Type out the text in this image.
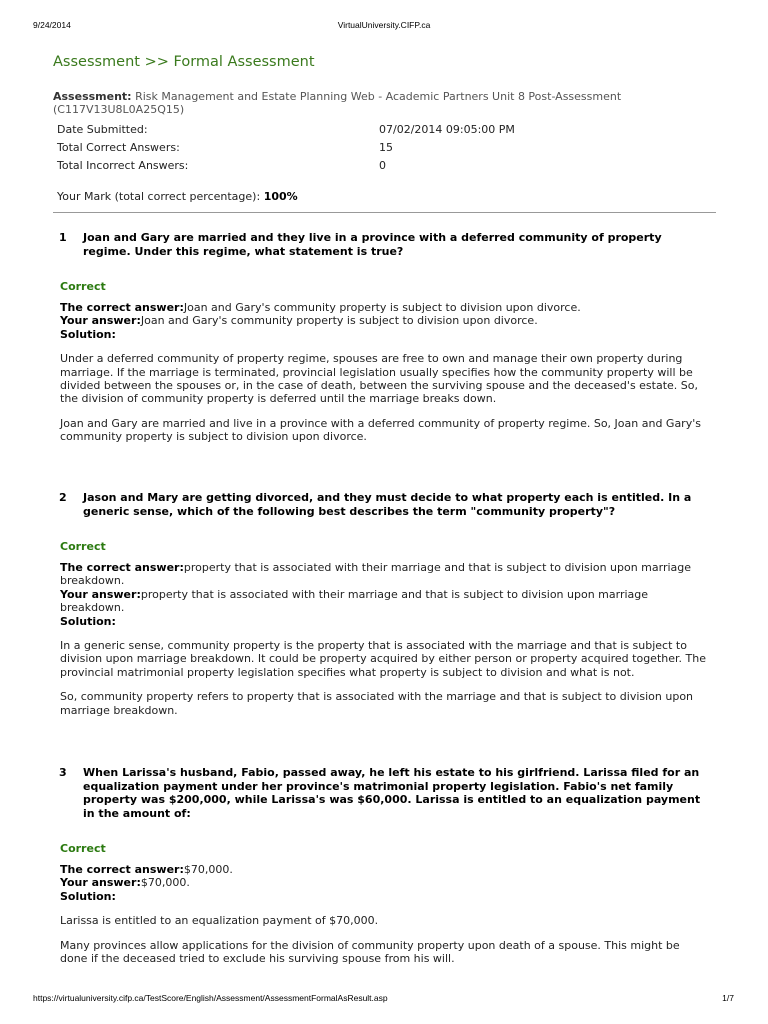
9/24/2014	VirtualUniversity.CIFP.ca
Assessment >> Formal Assessment
Assessment: Risk Management and Estate Planning Web - Academic Partners Unit 8 Post-Assessment (C117V13U8L0A25Q15)
Date Submitted:	07/02/2014 09:05:00 PM
Total Correct Answers:	15
Total Incorrect Answers:	0
Your Mark (total correct percentage): 100%
1	Joan and Gary are married and they live in a province with a deferred community of property regime. Under this regime, what statement is true?
Correct
The correct answer:Joan and Gary's community property is subject to division upon divorce.
Your answer:Joan and Gary's community property is subject to division upon divorce.
Solution:
Under a deferred community of property regime, spouses are free to own and manage their own property during marriage. If the marriage is terminated, provincial legislation usually specifies how the community property will be divided between the spouses or, in the case of death, between the surviving spouse and the deceased's estate. So, the division of community property is deferred until the marriage breaks down.
Joan and Gary are married and live in a province with a deferred community of property regime. So, Joan and Gary's community property is subject to division upon divorce.
2	Jason and Mary are getting divorced, and they must decide to what property each is entitled. In a generic sense, which of the following best describes the term "community property"?
Correct
The correct answer:property that is associated with their marriage and that is subject to division upon marriage breakdown.
Your answer:property that is associated with their marriage and that is subject to division upon marriage breakdown.
Solution:
In a generic sense, community property is the property that is associated with the marriage and that is subject to division upon marriage breakdown. It could be property acquired by either person or property acquired together. The provincial matrimonial property legislation specifies what property is subject to division and what is not.
So, community property refers to property that is associated with the marriage and that is subject to division upon marriage breakdown.
3	When Larissa's husband, Fabio, passed away, he left his estate to his girlfriend. Larissa filed for an equalization payment under her province's matrimonial property legislation. Fabio's net family property was $200,000, while Larissa's was $60,000. Larissa is entitled to an equalization payment in the amount of:
Correct
The correct answer:$70,000.
Your answer:$70,000.
Solution:
Larissa is entitled to an equalization payment of $70,000.
Many provinces allow applications for the division of community property upon death of a spouse. This might be done if the deceased tried to exclude his surviving spouse from his will.
https://virtualuniversity.cifp.ca/TestScore/English/Assessment/AssessmentFormalAsResult.asp	1/7
